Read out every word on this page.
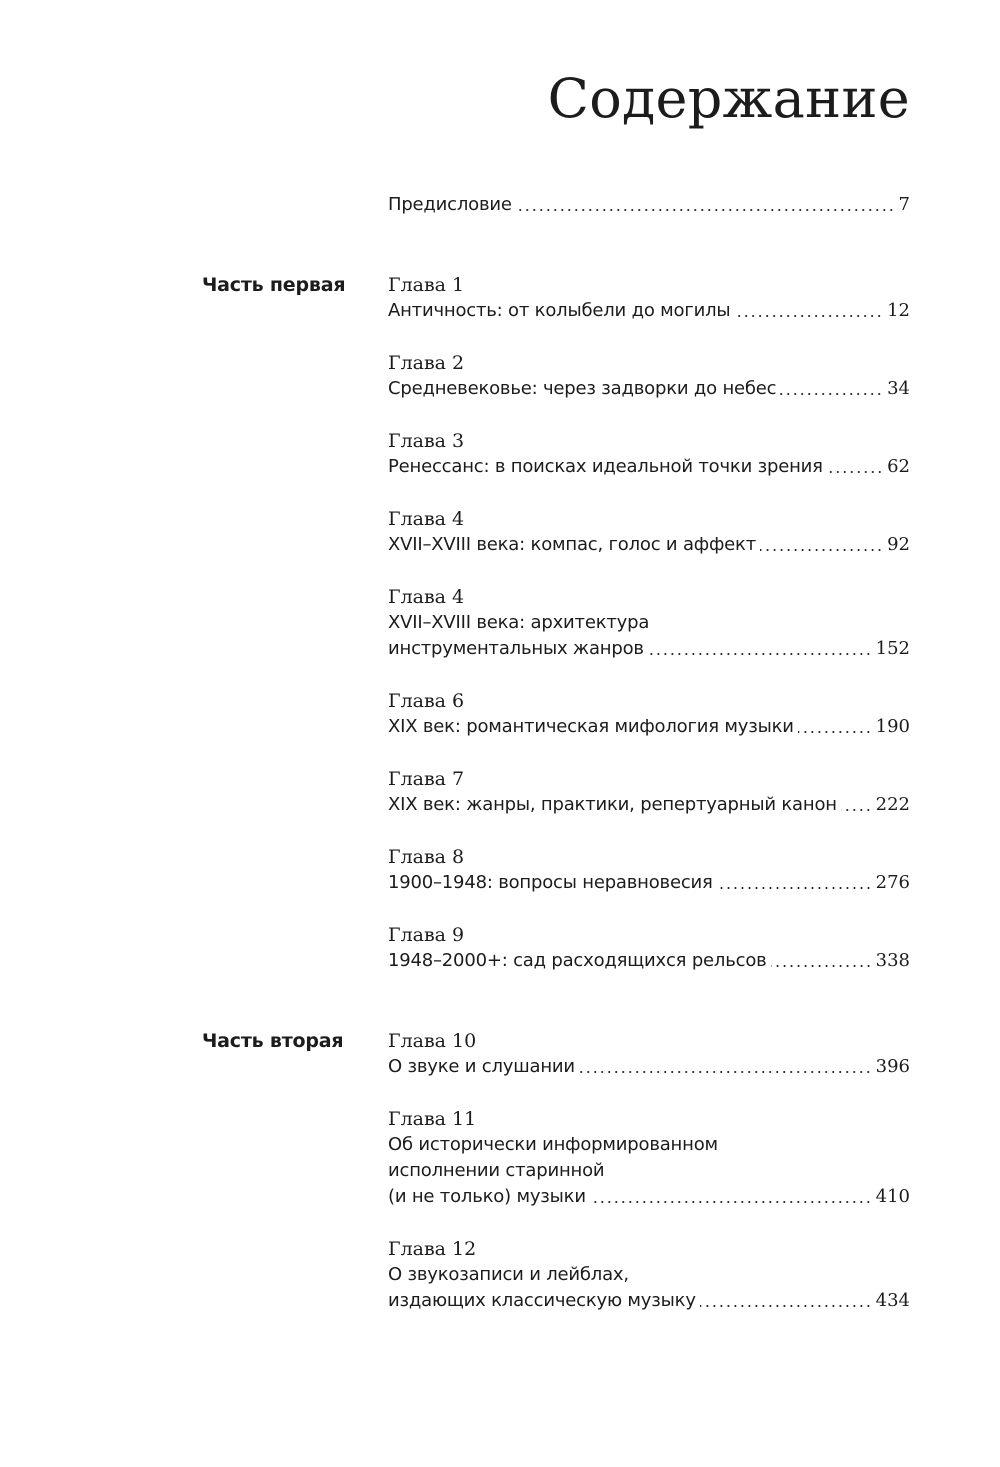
Содержание
Предисловие	7
Часть первая Глава 1
Античность: от колыбели до могилы	12
Глава 2
Средневековье: через задворки до небес	34
Глава 3
Ренессанс: в поисках идеальной точки зрения	62
Глава 4
XVII–XVIII века: компас, голос и аффект	92
Глава 4
XVII–XVIII века: архитектура
инструментальных жанров	152
Глава 6
XIX век: романтическая мифология музыки	190
Глава 7
XIX век: жанры, практики, репертуарный канон 222
Глава 8
1900–1948: вопросы неравновесия	276
Глава 9
1948–2000+: сад расходящихся рельсов	338
Часть вторая Глава 10
О звуке и слушании	396
Глава 11
Об исторически информированном
исполнении старинной
(и не только) музыки	410
Глава 12
О звукозаписи и лейблах,
издающих классическую музыку	434
